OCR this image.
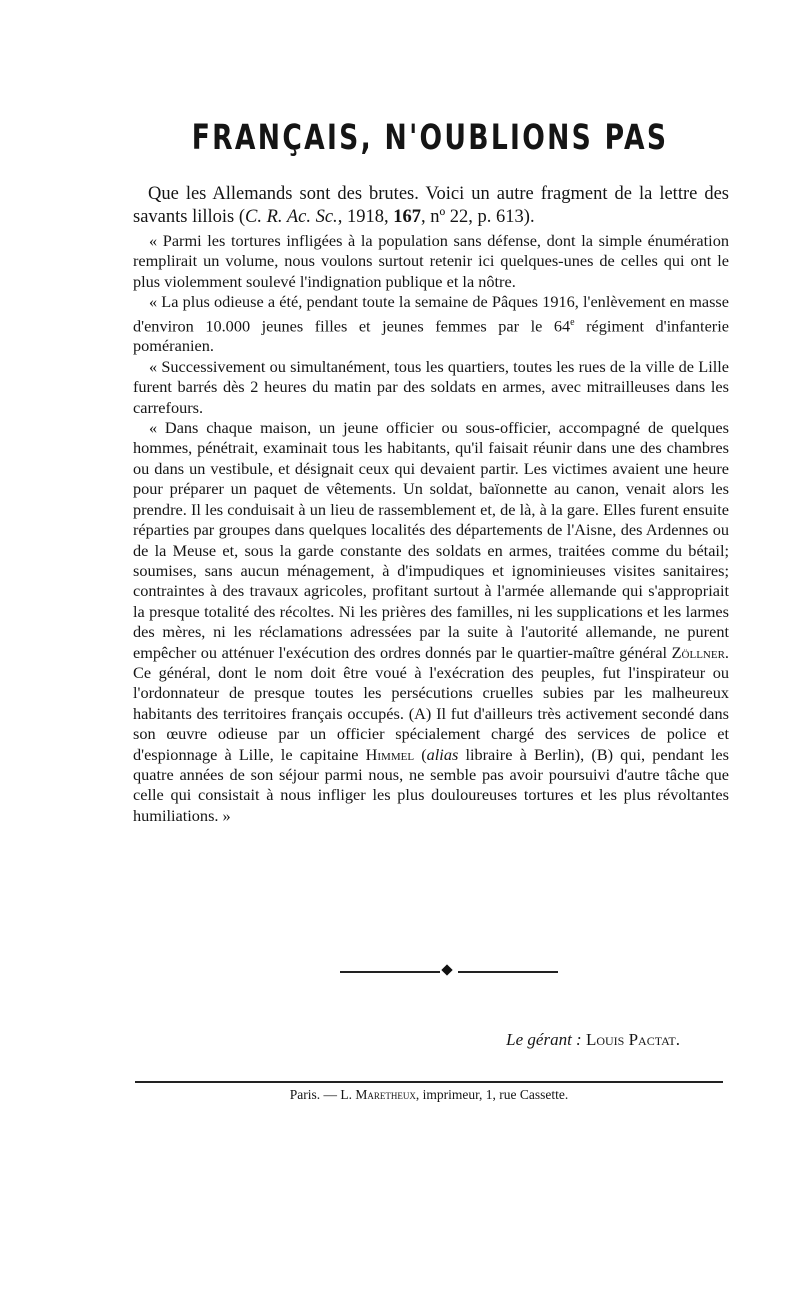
FRANÇAIS, N'OUBLIONS PAS

Que les Allemands sont des brutes. Voici un autre fragment de la lettre des savants lillois (C. R. Ac. Sc., 1918, 167, nº 22, p. 613).

« Parmi les tortures infligées à la population sans défense, dont la simple énumération remplirait un volume, nous voulons surtout retenir ici quelques-unes de celles qui ont le plus violemment soulevé l'indignation publique et la nôtre.

« La plus odieuse a été, pendant toute la semaine de Pâques 1916, l'enlèvement en masse d'environ 10.000 jeunes filles et jeunes femmes par le 64e régiment d'infanterie poméranien.

« Successivement ou simultanément, tous les quartiers, toutes les rues de la ville de Lille furent barrés dès 2 heures du matin par des soldats en armes, avec mitrailleuses dans les carrefours.

« Dans chaque maison, un jeune officier ou sous-officier, accompagné de quelques hommes, pénétrait, examinait tous les habitants, qu'il faisait réunir dans une des chambres ou dans un vestibule, et désignait ceux qui devaient partir. Les victimes avaient une heure pour préparer un paquet de vêtements. Un soldat, baïonnette au canon, venait alors les prendre. Il les conduisait à un lieu de rassemblement et, de là, à la gare. Elles furent ensuite réparties par groupes dans quelques localités des départements de l'Aisne, des Ardennes ou de la Meuse et, sous la garde constante des soldats en armes, traitées comme du bétail; soumises, sans aucun ménagement, à d'impudiques et ignominieuses visites sanitaires; contraintes à des travaux agricoles, profitant surtout à l'armée allemande qui s'appropriait la presque totalité des récoltes. Ni les prières des familles, ni les supplications et les larmes des mères, ni les réclamations adressées par la suite à l'autorité allemande, ne purent empêcher ou atténuer l'exécution des ordres donnés par le quartier-maître général Zöllner. Ce général, dont le nom doit être voué à l'exécration des peuples, fut l'inspirateur ou l'ordonnateur de presque toutes les persécutions cruelles subies par les malheureux habitants des territoires français occupés. (A) Il fut d'ailleurs très activement secondé dans son œuvre odieuse par un officier spécialement chargé des services de police et d'espionnage à Lille, le capitaine Himmel (alias libraire à Berlin), (B) qui, pendant les quatre années de son séjour parmi nous, ne semble pas avoir poursuivi d'autre tâche que celle qui consistait à nous infliger les plus douloureuses tortures et les plus révoltantes humiliations. »

Le gérant : Louis Pactat.
Paris. — L. Maretheux, imprimeur, 1, rue Cassette.
